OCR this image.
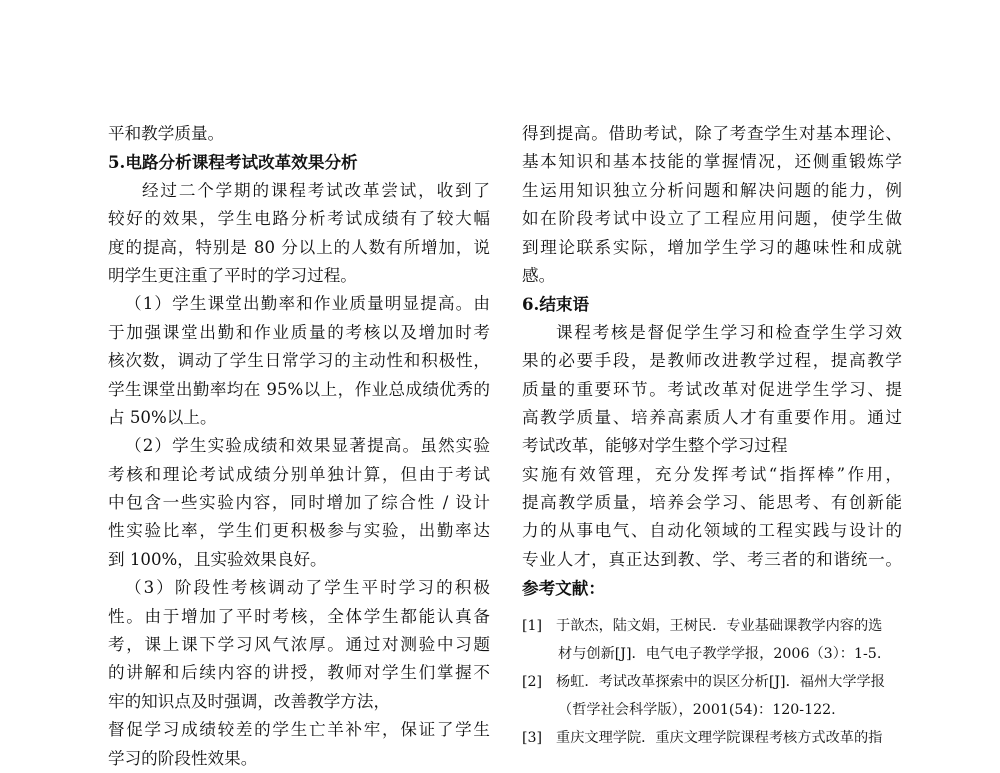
平和教学质量。
5.电路分析课程考试改革效果分析
经过二个学期的课程考试改革尝试，收到了
较好的效果，学生电路分析考试成绩有了较大幅
度的提高，特别是 80 分以上的人数有所增加，说
明学生更注重了平时的学习过程。
（1）学生课堂出勤率和作业质量明显提高。由
于加强课堂出勤和作业质量的考核以及增加时考
核次数，调动了学生日常学习的主动性和积极性，
学生课堂出勤率均在 95%以上，作业总成绩优秀的
占 50%以上。
（2）学生实验成绩和效果显著提高。虽然实验
考核和理论考试成绩分别单独计算，但由于考试
中包含一些实验内容，同时增加了综合性 / 设计
性实验比率，学生们更积极参与实验，出勤率达
到 100%，且实验效果良好。
（3）阶段性考核调动了学生平时学习的积极
性。由于增加了平时考核，全体学生都能认真备
考，课上课下学习风气浓厚。通过对测验中习题
的讲解和后续内容的讲授，教师对学生们掌握不
牢的知识点及时强调，改善教学方法，
督促学习成绩较差的学生亡羊补牢，保证了学生
学习的阶段性效果。
得到提高。借助考试，除了考查学生对基本理论、
基本知识和基本技能的掌握情况，还侧重锻炼学
生运用知识独立分析问题和解决问题的能力，例
如在阶段考试中设立了工程应用问题，使学生做
到理论联系实际，增加学生学习的趣味性和成就
感。
6.结束语
课程考核是督促学生学习和检查学生学习效
果的必要手段，是教师改进教学过程，提高教学
质量的重要环节。考试改革对促进学生学习、提
高教学质量、培养高素质人才有重要作用。通过
考试改革，能够对学生整个学习过程
实施有效管理，充分发挥考试“指挥棒”作用，
提高教学质量，培养会学习、能思考、有创新能
力的从事电气、自动化领域的工程实践与设计的
专业人才，真正达到教、学、考三者的和谐统一。
参考文献：
[1] 于歆杰，陆文娟，王树民．专业基础课教学内容的选
材与创新[J]．电气电子教学学报，2006（3）：1-5.
[2] 杨虹．考试改革探索中的误区分析[J]．福州大学学报
（哲学社会科学版），2001(54)：120-122.
[3] 重庆文理学院．重庆文理学院课程考核方式改革的指
